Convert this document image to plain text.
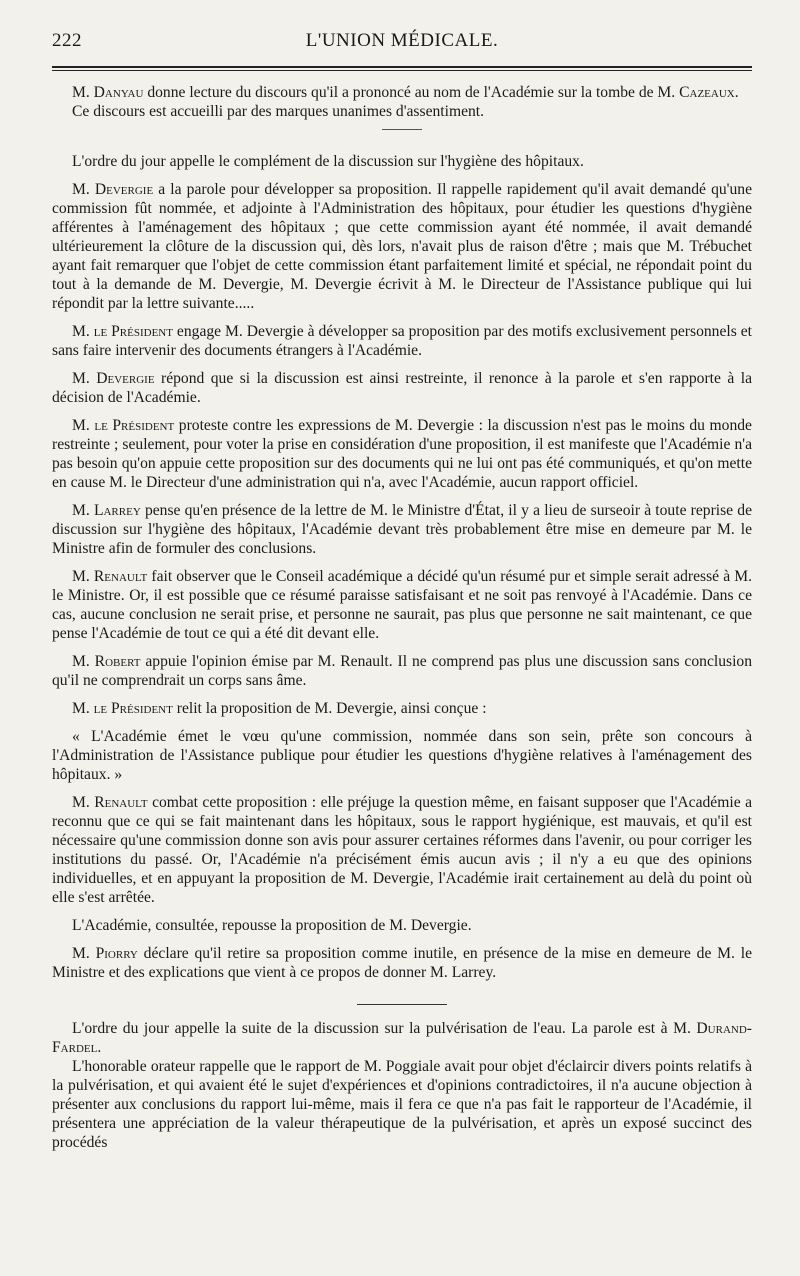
222	L'UNION MÉDICALE.

M. Danyau donne lecture du discours qu'il a prononcé au nom de l'Académie sur la tombe de M. Cazeaux.

Ce discours est accueilli par des marques unanimes d'assentiment.

L'ordre du jour appelle le complément de la discussion sur l'hygiène des hôpitaux.

M. Devergie a la parole pour développer sa proposition. Il rappelle rapidement qu'il avait demandé qu'une commission fût nommée, et adjointe à l'Administration des hôpitaux, pour étudier les questions d'hygiène afférentes à l'aménagement des hôpitaux ; que cette commission ayant été nommée, il avait demandé ultérieurement la clôture de la discussion qui, dès lors, n'avait plus de raison d'être ; mais que M. Trébuchet ayant fait remarquer que l'objet de cette commission étant parfaitement limité et spécial, ne répondait point du tout à la demande de M. Devergie, M. Devergie écrivit à M. le Directeur de l'Assistance publique qui lui répondit par la lettre suivante.....

M. le Président engage M. Devergie à développer sa proposition par des motifs exclusivement personnels et sans faire intervenir des documents étrangers à l'Académie.

M. Devergie répond que si la discussion est ainsi restreinte, il renonce à la parole et s'en rapporte à la décision de l'Académie.

M. le Président proteste contre les expressions de M. Devergie : la discussion n'est pas le moins du monde restreinte ; seulement, pour voter la prise en considération d'une proposition, il est manifeste que l'Académie n'a pas besoin qu'on appuie cette proposition sur des documents qui ne lui ont pas été communiqués, et qu'on mette en cause M. le Directeur d'une administration qui n'a, avec l'Académie, aucun rapport officiel.

M. Larrey pense qu'en présence de la lettre de M. le Ministre d'État, il y a lieu de surseoir à toute reprise de discussion sur l'hygiène des hôpitaux, l'Académie devant très probablement être mise en demeure par M. le Ministre afin de formuler des conclusions.

M. Renault fait observer que le Conseil académique a décidé qu'un résumé pur et simple serait adressé à M. le Ministre. Or, il est possible que ce résumé paraisse satisfaisant et ne soit pas renvoyé à l'Académie. Dans ce cas, aucune conclusion ne serait prise, et personne ne saurait, pas plus que personne ne sait maintenant, ce que pense l'Académie de tout ce qui a été dit devant elle.

M. Robert appuie l'opinion émise par M. Renault. Il ne comprend pas plus une discussion sans conclusion qu'il ne comprendrait un corps sans âme.

M. le Président relit la proposition de M. Devergie, ainsi conçue :

« L'Académie émet le vœu qu'une commission, nommée dans son sein, prête son concours à l'Administration de l'Assistance publique pour étudier les questions d'hygiène relatives à l'aménagement des hôpitaux. »

M. Renault combat cette proposition : elle préjuge la question même, en faisant supposer que l'Académie a reconnu que ce qui se fait maintenant dans les hôpitaux, sous le rapport hygiénique, est mauvais, et qu'il est nécessaire qu'une commission donne son avis pour assurer certaines réformes dans l'avenir, ou pour corriger les institutions du passé. Or, l'Académie n'a précisément émis aucun avis ; il n'y a eu que des opinions individuelles, et en appuyant la proposition de M. Devergie, l'Académie irait certainement au delà du point où elle s'est arrêtée.

L'Académie, consultée, repousse la proposition de M. Devergie.

M. Piorry déclare qu'il retire sa proposition comme inutile, en présence de la mise en demeure de M. le Ministre et des explications que vient à ce propos de donner M. Larrey.

L'ordre du jour appelle la suite de la discussion sur la pulvérisation de l'eau. La parole est à M. Durand-Fardel.

L'honorable orateur rappelle que le rapport de M. Poggiale avait pour objet d'éclaircir divers points relatifs à la pulvérisation, et qui avaient été le sujet d'expériences et d'opinions contradictoires, il n'a aucune objection à présenter aux conclusions du rapport lui-même, mais il fera ce que n'a pas fait le rapporteur de l'Académie, il présentera une appréciation de la valeur thérapeutique de la pulvérisation, et après un exposé succinct des procédés
